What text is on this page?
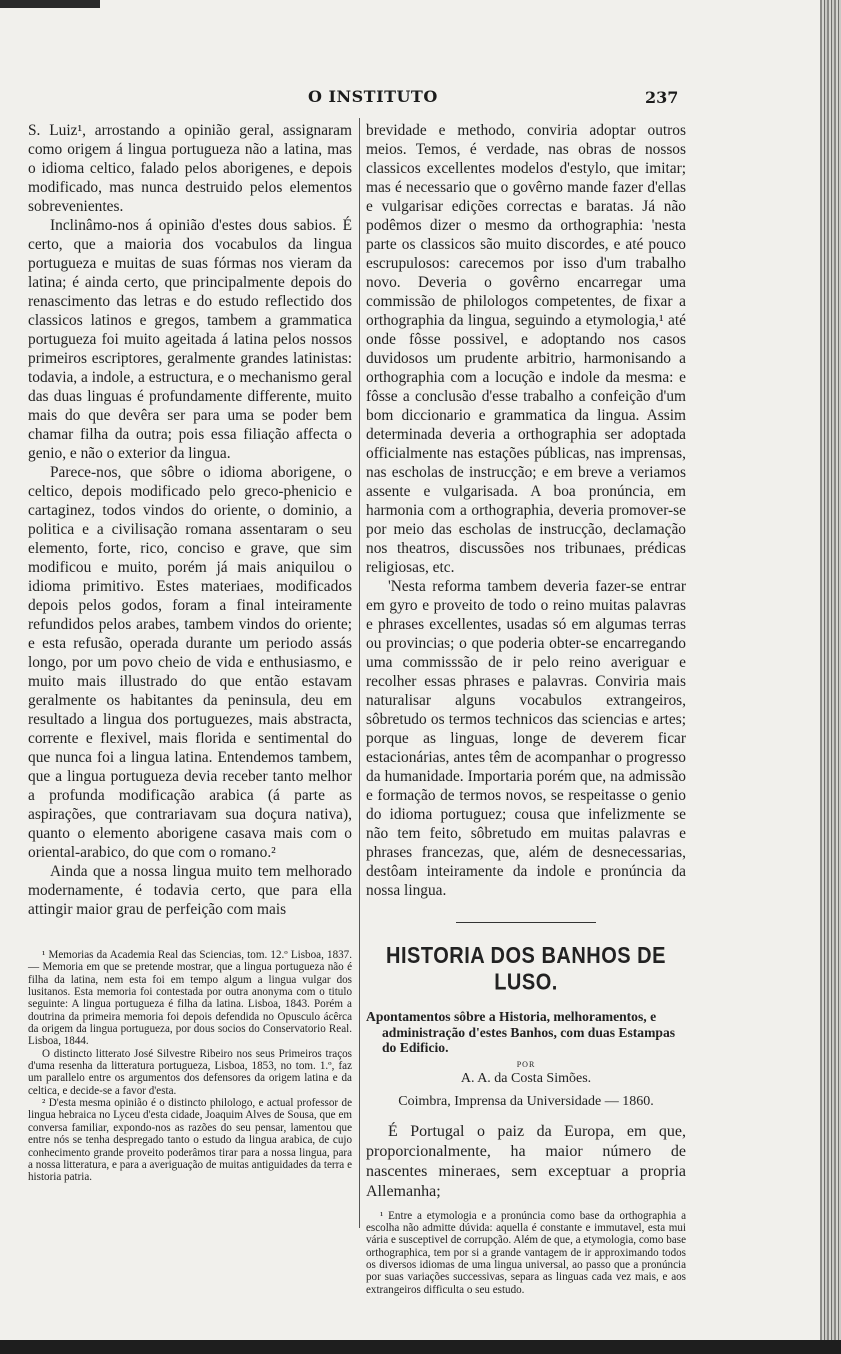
O INSTITUTO	237

S. Luiz¹, arrostando a opinião geral, assignaram como origem á lingua portugueza não a latina, mas o idioma celtico, falado pelos aborigenes, e depois modificado, mas nunca destruido pelos elementos sobrevenientes.

Inclinâmo-nos á opinião d'estes dous sabios. É certo, que a maioria dos vocabulos da lingua portugueza e muitas de suas fórmas nos vieram da latina; é ainda certo, que principalmente depois do renascimento das letras e do estudo reflectido dos classicos latinos e gregos, tambem a grammatica portugueza foi muito ageitada á latina pelos nossos primeiros escriptores, geralmente grandes latinistas: todavia, a indole, a estructura, e o mechanismo geral das duas linguas é profundamente differente, muito mais do que devêra ser para uma se poder bem chamar filha da outra; pois essa filiação affecta o genio, e não o exterior da lingua.

Parece-nos, que sôbre o idioma aborigene, o celtico, depois modificado pelo greco-phenicio e cartaginez, todos vindos do oriente, o dominio, a politica e a civilisação romana assentaram o seu elemento, forte, rico, conciso e grave, que sim modificou e muito, porém já mais aniquilou o idioma primitivo. Estes materiaes, modificados depois pelos godos, foram a final inteiramente refundidos pelos arabes, tambem vindos do oriente; e esta refusão, operada durante um periodo assás longo, por um povo cheio de vida e enthusiasmo, e muito mais illustrado do que então estavam geralmente os habitantes da peninsula, deu em resultado a lingua dos portuguezes, mais abstracta, corrente e flexivel, mais florida e sentimental do que nunca foi a lingua latina. Entendemos tambem, que a lingua portugueza devia receber tanto melhor a profunda modificação arabica (á parte as aspirações, que contrariavam sua doçura nativa), quanto o elemento aborigene casava mais com o oriental-arabico, do que com o romano.²

Ainda que a nossa lingua muito tem melhorado modernamente, é todavia certo, que para ella attingir maior grau de perfeição com mais

¹ Memorias da Academia Real das Sciencias, tom. 12.º Lisboa, 1837. — Memoria em que se pretende mostrar, que a lingua portugueza não é filha da latina, nem esta foi em tempo algum a lingua vulgar dos lusitanos. Esta memoria foi contestada por outra anonyma com o titulo seguinte: A lingua portugueza é filha da latina. Lisboa, 1843. Porém a doutrina da primeira memoria foi depois defendida no Opusculo ácêrca da origem da lingua portugueza, por dous socios do Conservatorio Real. Lisboa, 1844.

O distincto litterato José Silvestre Ribeiro nos seus Primeiros traços d'uma resenha da litteratura portugueza, Lisboa, 1853, no tom. 1.º, faz um parallelo entre os argumentos dos defensores da origem latina e da celtica, e decide-se a favor d'esta.

² D'esta mesma opinião é o distincto philologo, e actual professor de lingua hebraica no Lyceu d'esta cidade, Joaquim Alves de Sousa, que em conversa familiar, expondo-nos as razões do seu pensar, lamentou que entre nós se tenha despregado tanto o estudo da lingua arabica, de cujo conhecimento grande proveito poderâmos tirar para a nossa lingua, para a nossa litteratura, e para a averiguação de muitas antiguidades da terra e historia patria.

brevidade e methodo, conviria adoptar outros meios. Temos, é verdade, nas obras de nossos classicos excellentes modelos d'estylo, que imitar; mas é necessario que o govêrno mande fazer d'ellas e vulgarisar edições correctas e baratas. Já não podêmos dizer o mesmo da orthographia: 'nesta parte os classicos são muito discordes, e até pouco escrupulosos: carecemos por isso d'um trabalho novo. Deveria o govêrno encarregar uma commissão de philologos competentes, de fixar a orthographia da lingua, seguindo a etymologia,¹ até onde fôsse possivel, e adoptando nos casos duvidosos um prudente arbitrio, harmonisando a orthographia com a locução e indole da mesma: e fôsse a conclusão d'esse trabalho a confeição d'um bom diccionario e grammatica da lingua. Assim determinada deveria a orthographia ser adoptada officialmente nas estações públicas, nas imprensas, nas escholas de instrucção; e em breve a veriamos assente e vulgarisada. A boa pronúncia, em harmonia com a orthographia, deveria promover-se por meio das escholas de instrucção, declamação nos theatros, discussões nos tribunaes, prédicas religiosas, etc.

'Nesta reforma tambem deveria fazer-se entrar em gyro e proveito de todo o reino muitas palavras e phrases excellentes, usadas só em algumas terras ou provincias; o que poderia obter-se encarregando uma commisssão de ir pelo reino averiguar e recolher essas phrases e palavras. Conviria mais naturalisar alguns vocabulos extrangeiros, sôbretudo os termos technicos das sciencias e artes; porque as linguas, longe de deverem ficar estacionárias, antes têm de acompanhar o progresso da humanidade. Importaria porém que, na admissão e formação de termos novos, se respeitasse o genio do idioma portuguez; cousa que infelizmente se não tem feito, sôbretudo em muitas palavras e phrases francezas, que, além de desnecessarias, destôam inteiramente da indole e pronúncia da nossa lingua.

HISTORIA DOS BANHOS DE LUSO.
Apontamentos sôbre a Historia, melhoramentos, e administração d'estes Banhos, com duas Estampas do Edificio.
POR
A. A. da Costa Simões.
Coimbra, Imprensa da Universidade — 1860.

É Portugal o paiz da Europa, em que, proporcionalmente, ha maior número de nascentes mineraes, sem exceptuar a propria Allemanha;

¹ Entre a etymologia e a pronúncia como base da orthographia a escolha não admitte dúvida: aquella é constante e immutavel, esta mui vária e susceptivel de corrupção. Além de que, a etymologia, como base orthographica, tem por si a grande vantagem de ir approximando todos os diversos idiomas de uma lingua universal, ao passo que a pronúncia por suas variações successivas, separa as linguas cada vez mais, e aos extrangeiros difficulta o seu estudo.
